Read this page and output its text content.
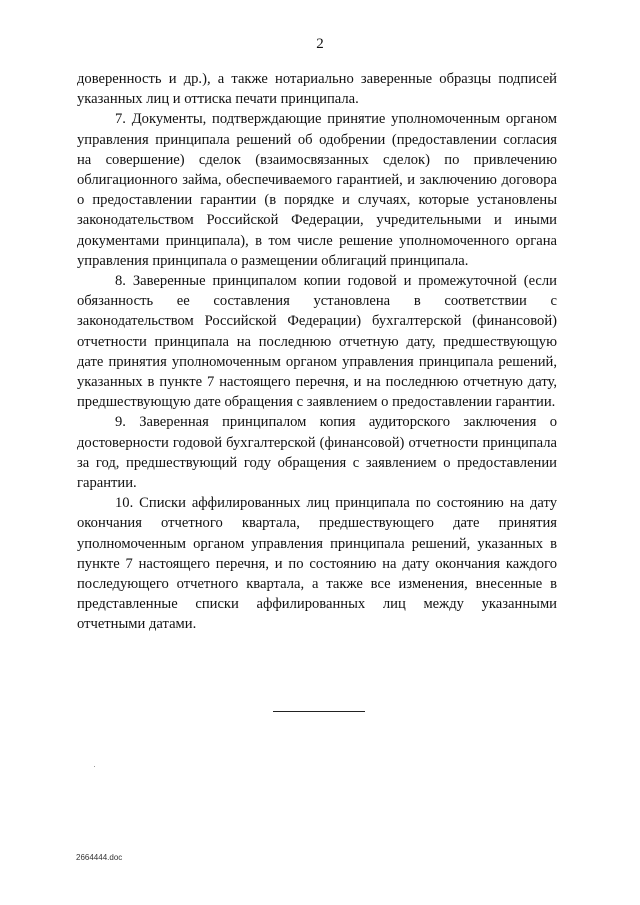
2

доверенность и др.), а также нотариально заверенные образцы подписей указанных лиц и оттиска печати принципала.

7. Документы, подтверждающие принятие уполномоченным органом управления принципала решений об одобрении (предоставлении согласия на совершение) сделок (взаимосвязанных сделок) по привлечению облигационного займа, обеспечиваемого гарантией, и заключению договора о предоставлении гарантии (в порядке и случаях, которые установлены законодательством Российской Федерации, учредительными и иными документами принципала), в том числе решение уполномоченного органа управления принципала о размещении облигаций принципала.

8. Заверенные принципалом копии годовой и промежуточной (если обязанность ее составления установлена в соответствии с законодательством Российской Федерации) бухгалтерской (финансовой) отчетности принципала на последнюю отчетную дату, предшествующую дате принятия уполномоченным органом управления принципала решений, указанных в пункте 7 настоящего перечня, и на последнюю отчетную дату, предшествующую дате обращения с заявлением о предоставлении гарантии.

9. Заверенная принципалом копия аудиторского заключения о достоверности годовой бухгалтерской (финансовой) отчетности принципала за год, предшествующий году обращения с заявлением о предоставлении гарантии.

10. Списки аффилированных лиц принципала по состоянию на дату окончания отчетного квартала, предшествующего дате принятия уполномоченным органом управления принципала решений, указанных в пункте 7 настоящего перечня, и по состоянию на дату окончания каждого последующего отчетного квартала, а также все изменения, внесенные в представленные списки аффилированных лиц между указанными отчетными датами.

2664444.doc
